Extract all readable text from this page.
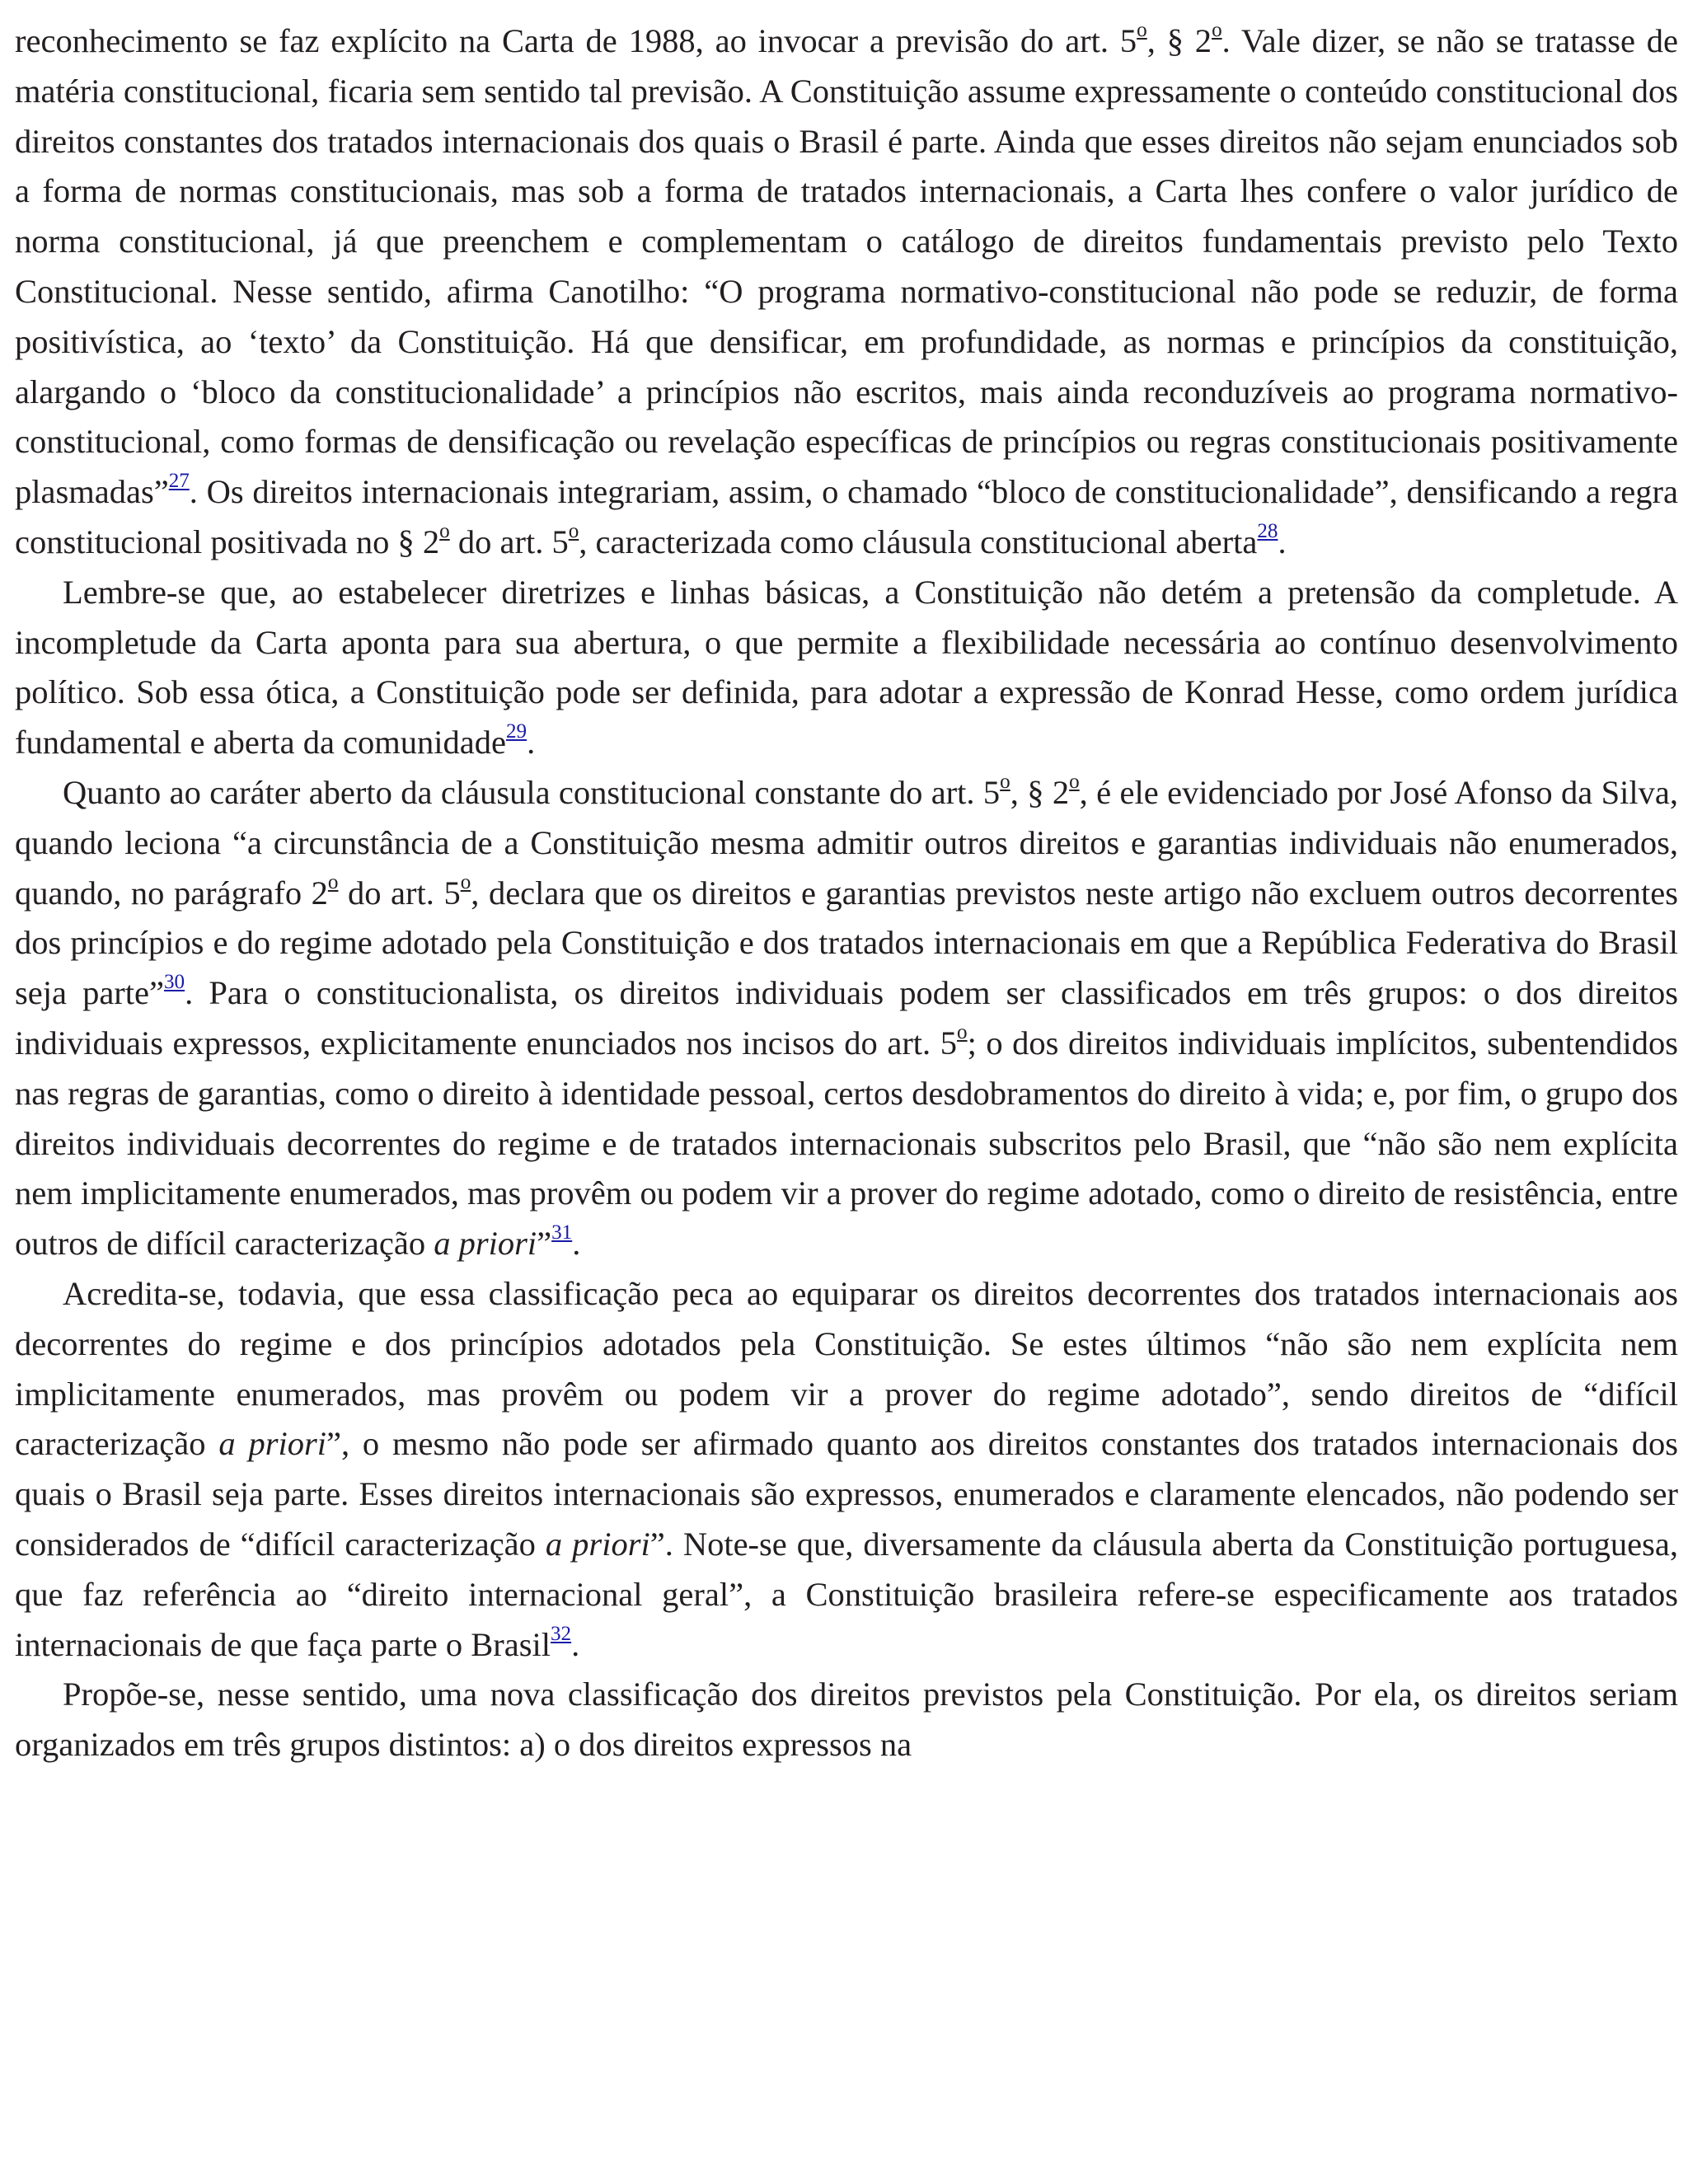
reconhecimento se faz explícito na Carta de 1988, ao invocar a previsão do art. 5$^o$, § 2$^o$. Vale dizer, se não se tratasse de matéria constitucional, ficaria sem sentido tal previsão. A Constituição assume expressamente o conteúdo constitucional dos direitos constantes dos tratados internacionais dos quais o Brasil é parte. Ainda que esses direitos não sejam enunciados sob a forma de normas constitucionais, mas sob a forma de tratados internacionais, a Carta lhes confere o valor jurídico de norma constitucional, já que preenchem e complementam o catálogo de direitos fundamentais previsto pelo Texto Constitucional. Nesse sentido, afirma Canotilho: “O programa normativo-constitucional não pode se reduzir, de forma positivística, ao ‘texto’ da Constituição. Há que densificar, em profundidade, as normas e princípios da constituição, alargando o ‘bloco da constitucionalidade’ a princípios não escritos, mais ainda reconduzíveis ao programa normativo-constitucional, como formas de densificação ou revelação específicas de princípios ou regras constitucionais positivamente plasmadas”$^{27}$. Os direitos internacionais integrariam, assim, o chamado “bloco de constitucionalidade”, densificando a regra constitucional positivada no § 2$^o$ do art. 5$^o$, caracterizada como cláusula constitucional aberta$^{28}$.

Lembre-se que, ao estabelecer diretrizes e linhas básicas, a Constituição não detém a pretensão da completude. A incompletude da Carta aponta para sua abertura, o que permite a flexibilidade necessária ao contínuo desenvolvimento político. Sob essa ótica, a Constituição pode ser definida, para adotar a expressão de Konrad Hesse, como ordem jurídica fundamental e aberta da comunidade$^{29}$.

Quanto ao caráter aberto da cláusula constitucional constante do art. 5$^o$, § 2$^o$, é ele evidenciado por José Afonso da Silva, quando leciona “a circunstância de a Constituição mesma admitir outros direitos e garantias individuais não enumerados, quando, no parágrafo 2$^o$ do art. 5$^o$, declara que os direitos e garantias previstos neste artigo não excluem outros decorrentes dos princípios e do regime adotado pela Constituição e dos tratados internacionais em que a República Federativa do Brasil seja parte”$^{30}$. Para o constitucionalista, os direitos individuais podem ser classificados em três grupos: o dos direitos individuais expressos, explicitamente enunciados nos incisos do art. 5$^o$; o dos direitos individuais implícitos, subentendidos nas regras de garantias, como o direito à identidade pessoal, certos desdobramentos do direito à vida; e, por fim, o grupo dos direitos individuais decorrentes do regime e de tratados internacionais subscritos pelo Brasil, que “não são nem explícita nem implicitamente enumerados, mas provêm ou podem vir a prover do regime adotado, como o direito de resistência, entre outros de difícil caracterização a priori”$^{31}$.

Acredita-se, todavia, que essa classificação peca ao equiparar os direitos decorrentes dos tratados internacionais aos decorrentes do regime e dos princípios adotados pela Constituição. Se estes últimos “não são nem explícita nem implicitamente enumerados, mas provêm ou podem vir a prover do regime adotado”, sendo direitos de “difícil caracterização a priori”, o mesmo não pode ser afirmado quanto aos direitos constantes dos tratados internacionais dos quais o Brasil seja parte. Esses direitos internacionais são expressos, enumerados e claramente elencados, não podendo ser considerados de “difícil caracterização a priori”. Note-se que, diversamente da cláusula aberta da Constituição portuguesa, que faz referência ao “direito internacional geral”, a Constituição brasileira refere-se especificamente aos tratados internacionais de que faça parte o Brasil$^{32}$.

Propõe-se, nesse sentido, uma nova classificação dos direitos previstos pela Constituição. Por ela, os direitos seriam organizados em três grupos distintos: a) o dos direitos expressos na
